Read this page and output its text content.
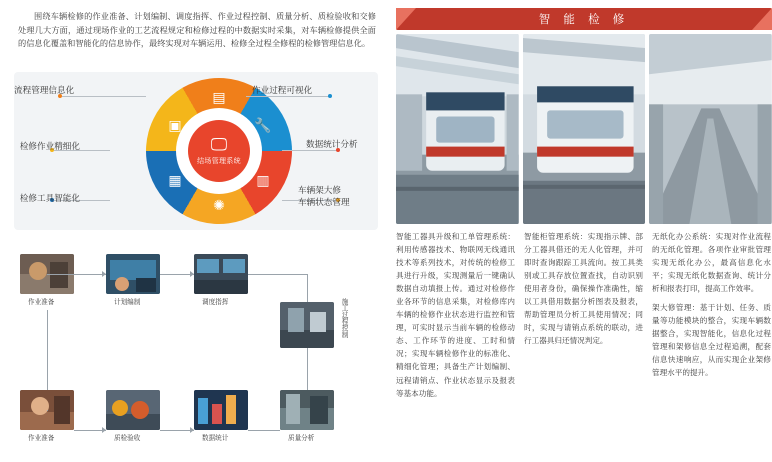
围绕车辆检修的作业准备、计划编制、调度指挥、作业过程控制、质量分析、质检验收和交修处理几大方面，通过现场作业的工艺流程规定和检修过程的中数据实时采集，对车辆检修提供全面的信息化覆盖和智能化的信息协作，最终实现对车辆运用、检修全过程全修程的检修管理信息化。
▤
🔧
▥
✺
▦
▣
🖵
结场管理系统
流程管理信息化	作业过程可视化
数据统计分析
车辆架大修
车辆状态管理
检修工具智能化
检修作业精细化
作业准备	计划编制	调度指挥
作业准备	质检验收	数据统计	质量分析
施工过程控制
智 能 检 修

智能工器具升级和工单管理系统：利用传感器技术、物联网无线通讯技术等系列技术，对传统的检修工具进行升级，实现测量后一键确认数据自动填报上传。通过对检修作业各环节的信息采集，对检修库内车辆的检修作业状态进行监控和管理，可实时显示当前车辆的检修动态、工作环节的进度、工时和情况；实现车辆检修作业的标准化、精细化管理；具备生产计划编制、远程请销点、作业状态显示及报表等基本功能。

智能柜管理系统：实现指示牌、部分工器具借还的无人化管理，并可即时查询跟踪工具流向。按工具类别或工具存放位置查找，自动识别使用者身份，确保操作准确性，缩以工具借用数据分析图表及报表，帮助管理员分析工具使用情况；同时，实现与请销点系统的联动，进行工器具归还情况判定。

无纸化办公系统：实现对作业流程的无纸化管理。各项作业审批管理实现无纸化办公，最高信息化水平；实现无纸化数据查询、统计分析和报表打印，提高工作效率。

架大修管理：基于计划、任务、质量等功能模块的整合，实现车辆数据整合，实现智能化，信息化过程管理和架修信息全过程追溯，配套信息快速响应，从而实现企业架修管理水平的提升。
